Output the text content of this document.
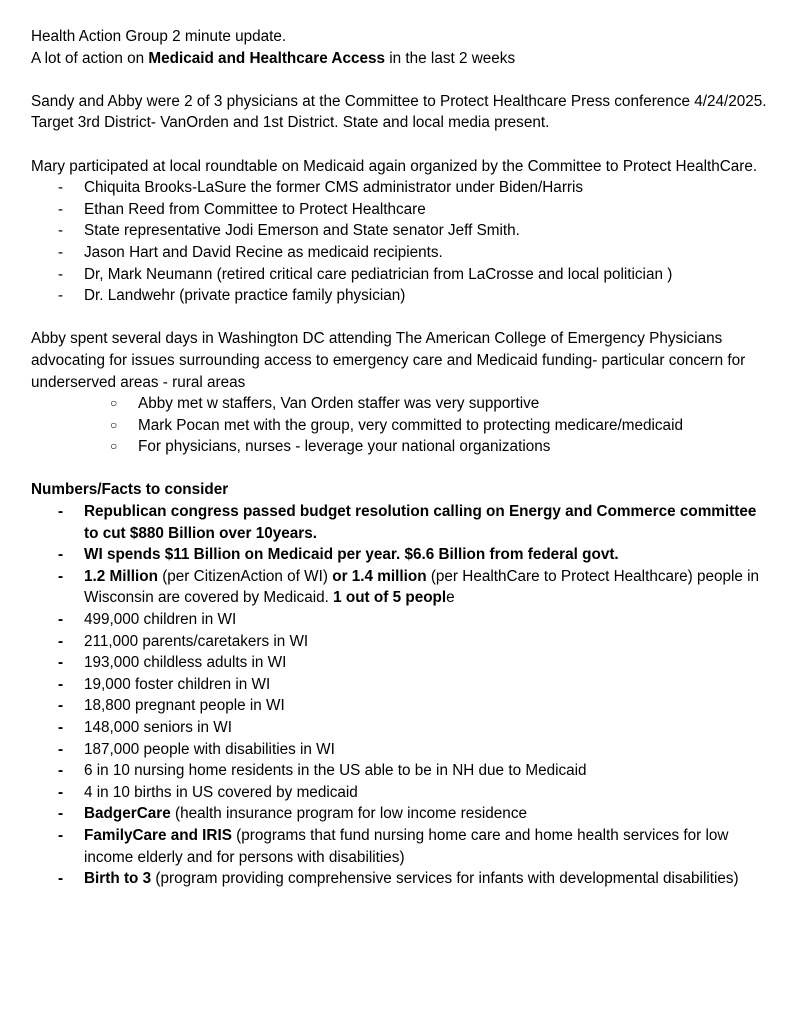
Health Action Group 2 minute update.

A lot of action on Medicaid and Healthcare Access in the last 2 weeks

Sandy and Abby were 2 of 3 physicians at the Committee to Protect Healthcare Press conference 4/24/2025. Target 3rd District- VanOrden and 1st District. State and local media present.

Mary participated at local roundtable on Medicaid again organized by the Committee to Protect HealthCare.

- Chiquita Brooks-LaSure the former CMS administrator under Biden/Harris
- Ethan Reed from Committee to Protect Healthcare
- State representative Jodi Emerson and State senator Jeff Smith.
- Jason Hart and David Recine as medicaid recipients.
- Dr, Mark Neumann (retired critical care pediatrician from LaCrosse and local politician )
- Dr. Landwehr (private practice family physician)

Abby spent several days in Washington DC attending The American College of Emergency Physicians advocating for issues surrounding access to emergency care and Medicaid funding- particular concern for underserved areas - rural areas

○ Abby met w staffers, Van Orden staffer was very supportive
○ Mark Pocan met with the group, very committed to protecting medicare/medicaid
○ For physicians, nurses - leverage your national organizations

Numbers/Facts to consider

- Republican congress passed budget resolution calling on Energy and Commerce committee to cut $880 Billion over 10years.
- WI spends $11 Billion on Medicaid per year. $6.6 Billion from federal govt.
- 1.2 Million (per CitizenAction of WI) or 1.4 million (per HealthCare to Protect Healthcare) people in Wisconsin are covered by Medicaid. 1 out of 5 people
- 499,000 children in WI
- 211,000 parents/caretakers in WI
- 193,000 childless adults in WI
- 19,000 foster children in WI
- 18,800 pregnant people in WI
- 148,000 seniors in WI
- 187,000 people with disabilities in WI
- 6 in 10 nursing home residents in the US able to be in NH due to Medicaid
- 4 in 10 births in US covered by medicaid
- BadgerCare (health insurance program for low income residence
- FamilyCare and IRIS (programs that fund nursing home care and home health services for low income elderly and for persons with disabilities)
- Birth to 3 (program providing comprehensive services for infants with developmental disabilities)
